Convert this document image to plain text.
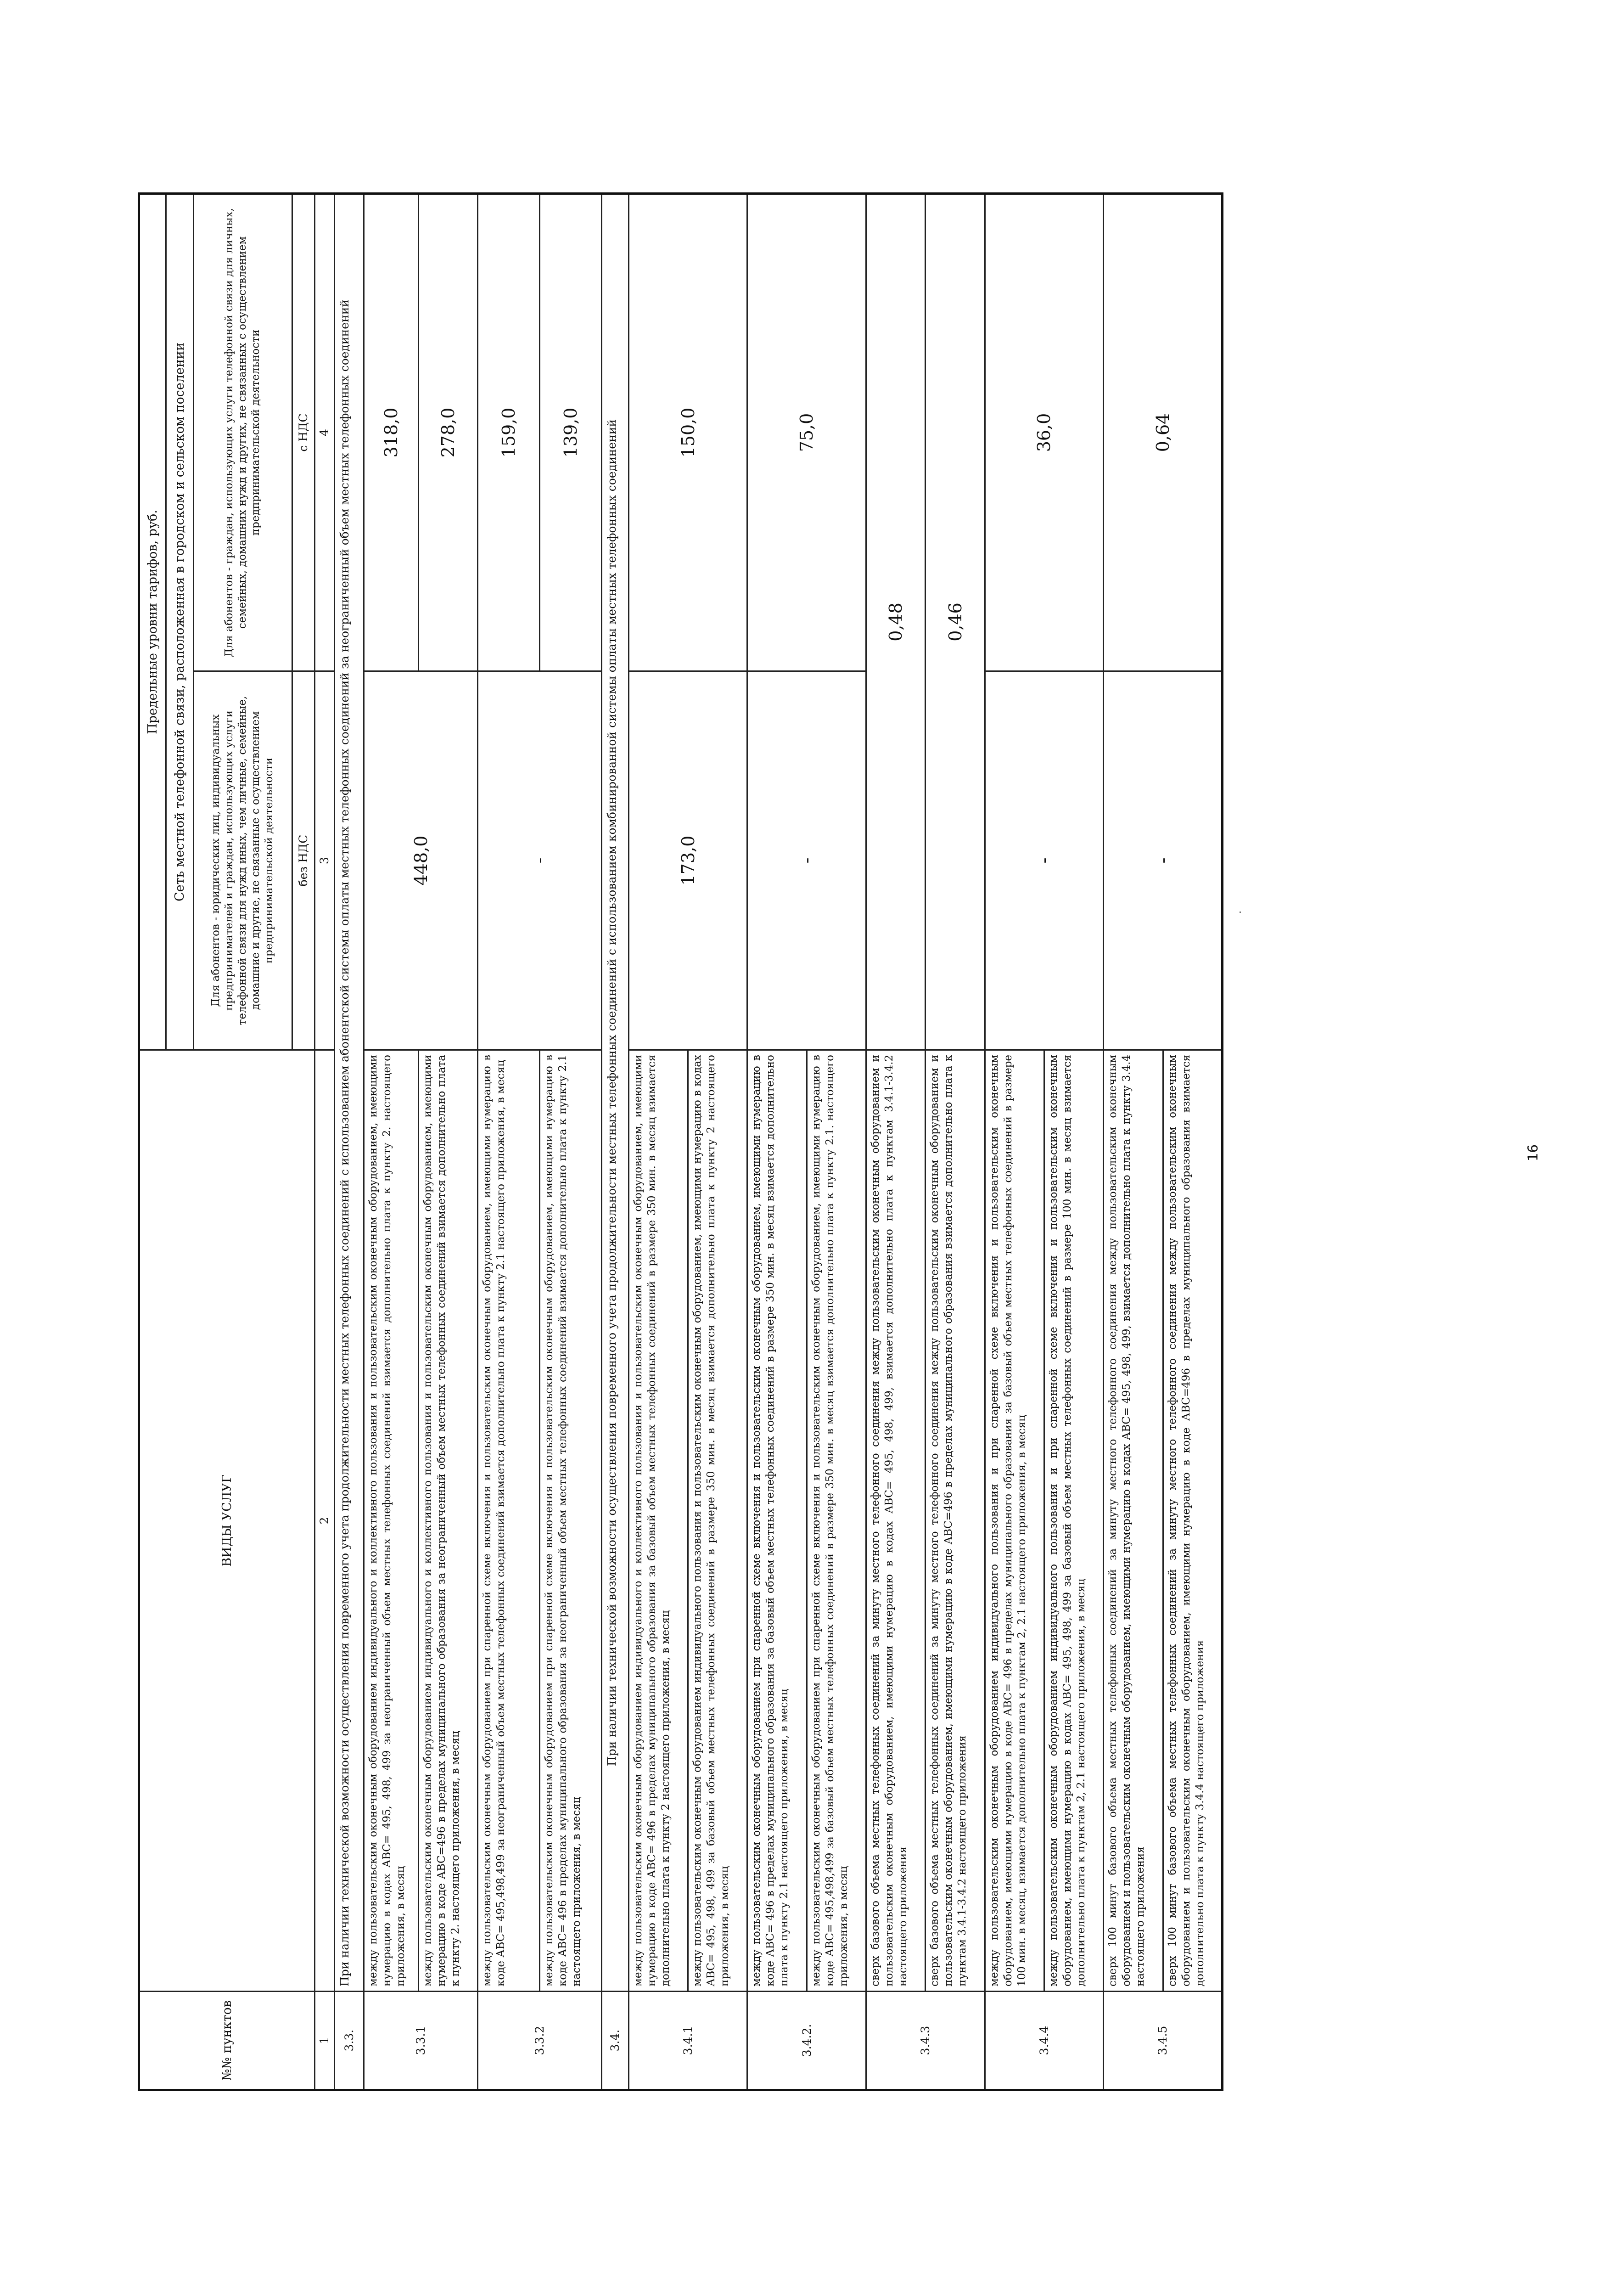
№№ пунктов	ВИДЫ УСЛУГ	Предельные уровни тарифов, руб.	
		Сеть местной телефонной связи, расположенная в городском и сельском поселении	
		Для абонентов - юридических лиц, индивидуальных предпринимателей и граждан, использующих услуги телефонной связи для нужд иных, чем личные, семейные, домашние и другие, не связанные с осуществлением предпринимательской деятельности	Для абонентов - граждан, использующих услуги телефонной связи для личных, семейных, домашних нужд и других, не связанных с осуществлением предпринимательской деятельности
		без НДС	с НДС
1	2	3	4
3.3.	При наличии технической возможности осуществления повременного учета продолжительности местных телефонных соединений с использованием абонентской системы оплаты местных телефонных соединений за неограниченный объем местных телефонных соединений		
3.3.1	между пользовательским оконечным оборудованием индивидуального и коллективного пользования и пользовательским оконечным оборудованием, имеющими нумерацию в кодах АВС= 495, 498, 499 за неограниченный объем местных телефонных соединений взимается дополнительно плата к пункту 2. настоящего приложения, в месяц	448,0	318,0
	между пользовательским оконечным оборудованием индивидуального и коллективного пользования и пользовательским оконечным оборудованием, имеющими нумерацию в коде АВС=496 в пределах муниципального образования за неограниченный объем местных телефонных соединений взимается дополнительно плата к пункту 2. настоящего приложения, в месяц		278,0
3.3.2	между пользовательским оконечным оборудованием при спаренной схеме включения и пользовательским оконечным оборудованием, имеющими нумерацию в коде АВС= 495,498,499 за неограниченный объем местных телефонных соединений взимается дополнительно плата к пункту 2.1 настоящего приложения, в месяц	-	159,0
	между пользовательским оконечным оборудованием при спаренной схеме включения и пользовательским оконечным оборудованием, имеющими нумерацию в коде АВС= 496 в пределах муниципального образования за неограниченный объем местных телефонных соединений взимается дополнительно плата к пункту 2.1 настоящего приложения, в месяц		139,0
3.4.	При наличии технической возможности осуществления повременного учета продолжительности местных телефонных соединений с использованием комбинированной системы оплаты местных телефонных соединений		
3.4.1	между пользовательским оконечным оборудованием индивидуального и коллективного пользования и пользовательским оконечным оборудованием, имеющими нумерацию в коде АВС= 496 в пределах муниципального образования за базовый объем местных телефонных соединений в размере 350 мин. в месяц взимается дополнительно плата к пункту 2 настоящего приложения, в месяц	173,0	150,0
	между пользовательским оконечным оборудованием индивидуального пользования и пользовательским оконечным оборудованием, имеющими нумерацию в кодах АВС= 495, 498, 499 за базовый объем местных телефонных соединений в размере 350 мин. в месяц взимается дополнительно плата к пункту 2 настоящего приложения, в месяц		
3.4.2.	между пользовательским оконечным оборудованием при спаренной схеме включения и пользовательским оконечным оборудованием, имеющими нумерацию в коде АВС= 496 в пределах муниципального образования за базовый объем местных телефонных соединений в размере 350 мин. в месяц взимается дополнительно плата к пункту 2.1 настоящего приложения, в месяц	-	75,0
	между пользовательским оконечным оборудованием при спаренной схеме включения и пользовательским оконечным оборудованием, имеющими нумерацию в коде АВС= 495,498,499 за базовый объем местных телефонных соединений в размере 350 мин. в месяц взимается дополнительно плата к пункту 2.1. настоящего приложения, в месяц		
3.4.3	сверх базового объема местных телефонных соединений за минуту местного телефонного соединения между пользовательским оконечным оборудованием и пользовательским оконечным оборудованием, имеющими нумерацию в кодах АВС= 495, 498, 499, взимается дополнительно плата к пунктам 3.4.1-3.4.2 настоящего приложения	0,48	
	сверх базового объема местных телефонных соединений за минуту местного телефонного соединения между пользовательским оконечным оборудованием и пользовательским оконечным оборудованием, имеющими нумерацию в коде АВС=496 в пределах муниципального образования взимается дополнительно плата к пунктам 3.4.1-3.4.2 настоящего приложения	0,46	
3.4.4	между пользовательским оконечным оборудованием индивидуального пользования и при спаренной схеме включения и пользовательским оконечным оборудованием, имеющими нумерацию в коде АВС= 496 в пределах муниципального образования за базовый объем местных телефонных соединений в размере 100 мин. в месяц, взимается дополнительно плата к пунктам 2, 2.1 настоящего приложения, в месяц	-	36,0
	между пользовательским оконечным оборудованием индивидуального пользования и при спаренной схеме включения и пользовательским оконечным оборудованием, имеющими нумерацию в кодах АВС= 495, 498, 499 за базовый объем местных телефонных соединений в размере 100 мин. в месяц взимается дополнительно плата к пунктам 2, 2.1 настоящего приложения, в месяц		
3.4.5	сверх 100 минут базового объема местных телефонных соединений за минуту местного телефонного соединения между пользовательским оконечным оборудованием и пользовательским оконечным оборудованием, имеющими нумерацию в кодах АВС= 495, 498, 499, взимается дополнительно плата к пункту 3.4.4 настоящего приложения	-	0,64
	сверх 100 минут базового объема местных телефонных соединений за минуту местного телефонного соединения между пользовательским оконечным оборудованием и пользовательским оконечным оборудованием, имеющими нумерацию в коде АВС=496 в пределах муниципального образования взимается дополнительно плата к пункту 3.4.4 настоящего приложения		
16
